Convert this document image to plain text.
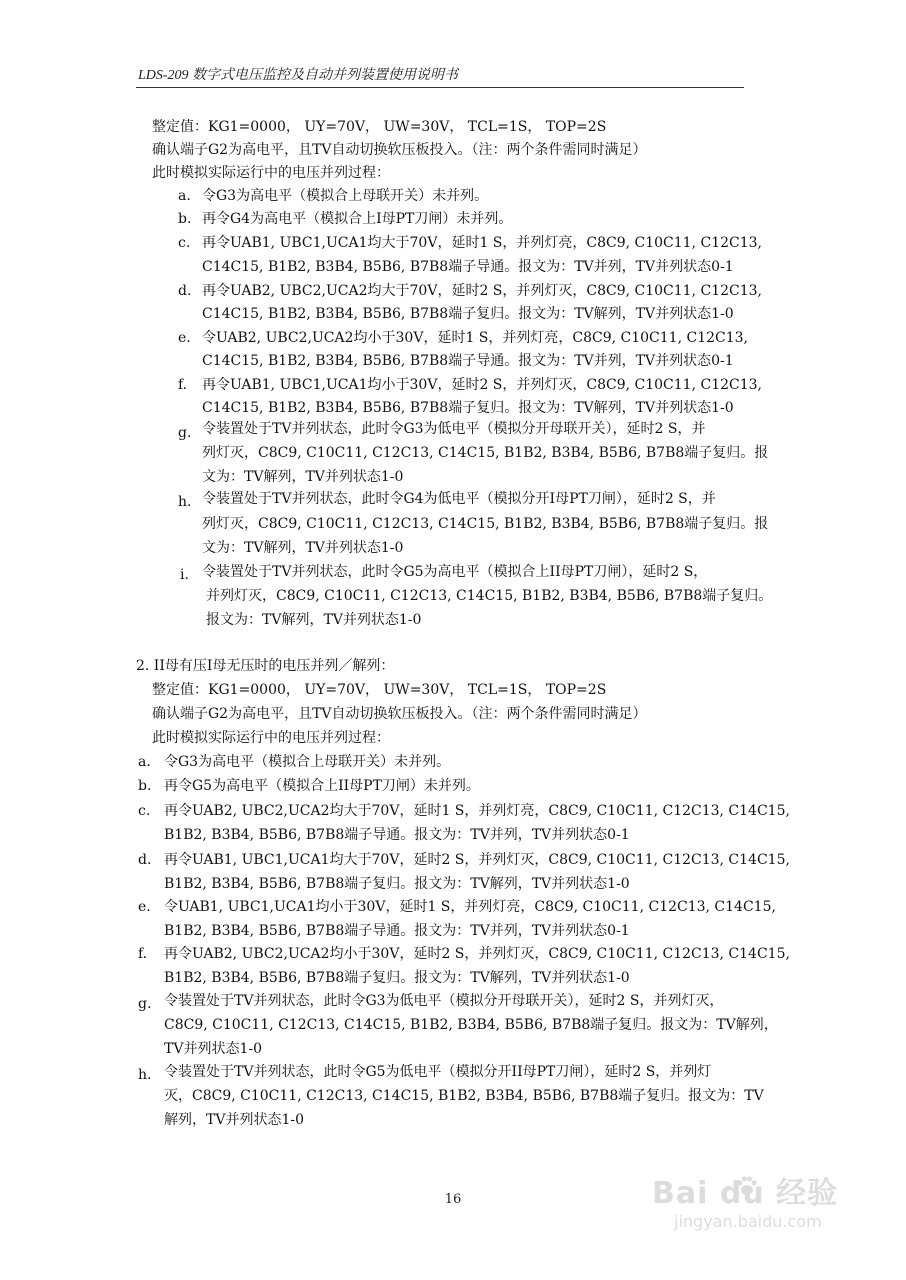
LDS-209 数字式电压监控及自动并列装置使用说明书
整定值：KG1=0000， UY=70V， UW=30V， TCL=1S， TOP=2S
确认端子G2为高电平，且TV自动切换软压板投入。（注：两个条件需同时满足）
此时模拟实际运行中的电压并列过程：
a. 令G3为高电平（模拟合上母联开关）未并列。
b. 再令G4为高电平（模拟合上I母PT刀闸）未并列。
c. 再令UAB1, UBC1,UCA1均大于70V，延时1 S，并列灯亮，C8C9, C10C11, C12C13,
C14C15, B1B2, B3B4, B5B6, B7B8端子导通。报文为：TV并列，TV并列状态0-1
d. 再令UAB2, UBC2,UCA2均大于70V，延时2 S，并列灯灭，C8C9, C10C11, C12C13,
C14C15, B1B2, B3B4, B5B6, B7B8端子复归。报文为：TV解列，TV并列状态1-0
e. 令UAB2, UBC2,UCA2均小于30V，延时1 S，并列灯亮，C8C9, C10C11, C12C13,
C14C15, B1B2, B3B4, B5B6, B7B8端子导通。报文为：TV并列，TV并列状态0-1
f. 再令UAB1, UBC1,UCA1均小于30V，延时2 S，并列灯灭，C8C9, C10C11, C12C13,
C14C15, B1B2, B3B4, B5B6, B7B8端子复归。报文为：TV解列，TV并列状态1-0
g. 令装置处于TV并列状态，此时令G3为低电平（模拟分开母联开关），延时2 S，并
列灯灭，C8C9, C10C11, C12C13, C14C15, B1B2, B3B4, B5B6, B7B8端子复归。报
文为：TV解列，TV并列状态1-0
h. 令装置处于TV并列状态，此时令G4为低电平（模拟分开I母PT刀闸），延时2 S，并
列灯灭，C8C9, C10C11, C12C13, C14C15, B1B2, B3B4, B5B6, B7B8端子复归。报
文为：TV解列，TV并列状态1-0
i. 令装置处于TV并列状态，此时令G5为高电平（模拟合上II母PT刀闸），延时2 S，
并列灯灭，C8C9, C10C11, C12C13, C14C15, B1B2, B3B4, B5B6, B7B8端子复归。
报文为：TV解列，TV并列状态1-0
2. II母有压I母无压时的电压并列／解列：
整定值：KG1=0000， UY=70V， UW=30V， TCL=1S， TOP=2S
确认端子G2为高电平，且TV自动切换软压板投入。（注：两个条件需同时满足）
此时模拟实际运行中的电压并列过程：
a. 令G3为高电平（模拟合上母联开关）未并列。
b. 再令G5为高电平（模拟合上II母PT刀闸）未并列。
c. 再令UAB2, UBC2,UCA2均大于70V，延时1 S，并列灯亮，C8C9, C10C11, C12C13, C14C15,
B1B2, B3B4, B5B6, B7B8端子导通。报文为：TV并列，TV并列状态0-1
d. 再令UAB1, UBC1,UCA1均大于70V，延时2 S，并列灯灭，C8C9, C10C11, C12C13, C14C15,
B1B2, B3B4, B5B6, B7B8端子复归。报文为：TV解列，TV并列状态1-0
e. 令UAB1, UBC1,UCA1均小于30V，延时1 S，并列灯亮，C8C9, C10C11, C12C13, C14C15,
B1B2, B3B4, B5B6, B7B8端子导通。报文为：TV并列，TV并列状态0-1
f. 再令UAB2, UBC2,UCA2均小于30V，延时2 S，并列灯灭，C8C9, C10C11, C12C13, C14C15,
B1B2, B3B4, B5B6, B7B8端子复归。报文为：TV解列，TV并列状态1-0
g. 令装置处于TV并列状态，此时令G3为低电平（模拟分开母联开关），延时2 S，并列灯灭，
C8C9, C10C11, C12C13, C14C15, B1B2, B3B4, B5B6, B7B8端子复归。报文为：TV解列，
TV并列状态1-0
h. 令装置处于TV并列状态，此时令G5为低电平（模拟分开II母PT刀闸），延时2 S，并列灯
灭，C8C9, C10C11, C12C13, C14C15, B1B2, B3B4, B5B6, B7B8端子复归。报文为：TV
解列，TV并列状态1-0
16	Bai du 经验
jingyan.baidu.com
